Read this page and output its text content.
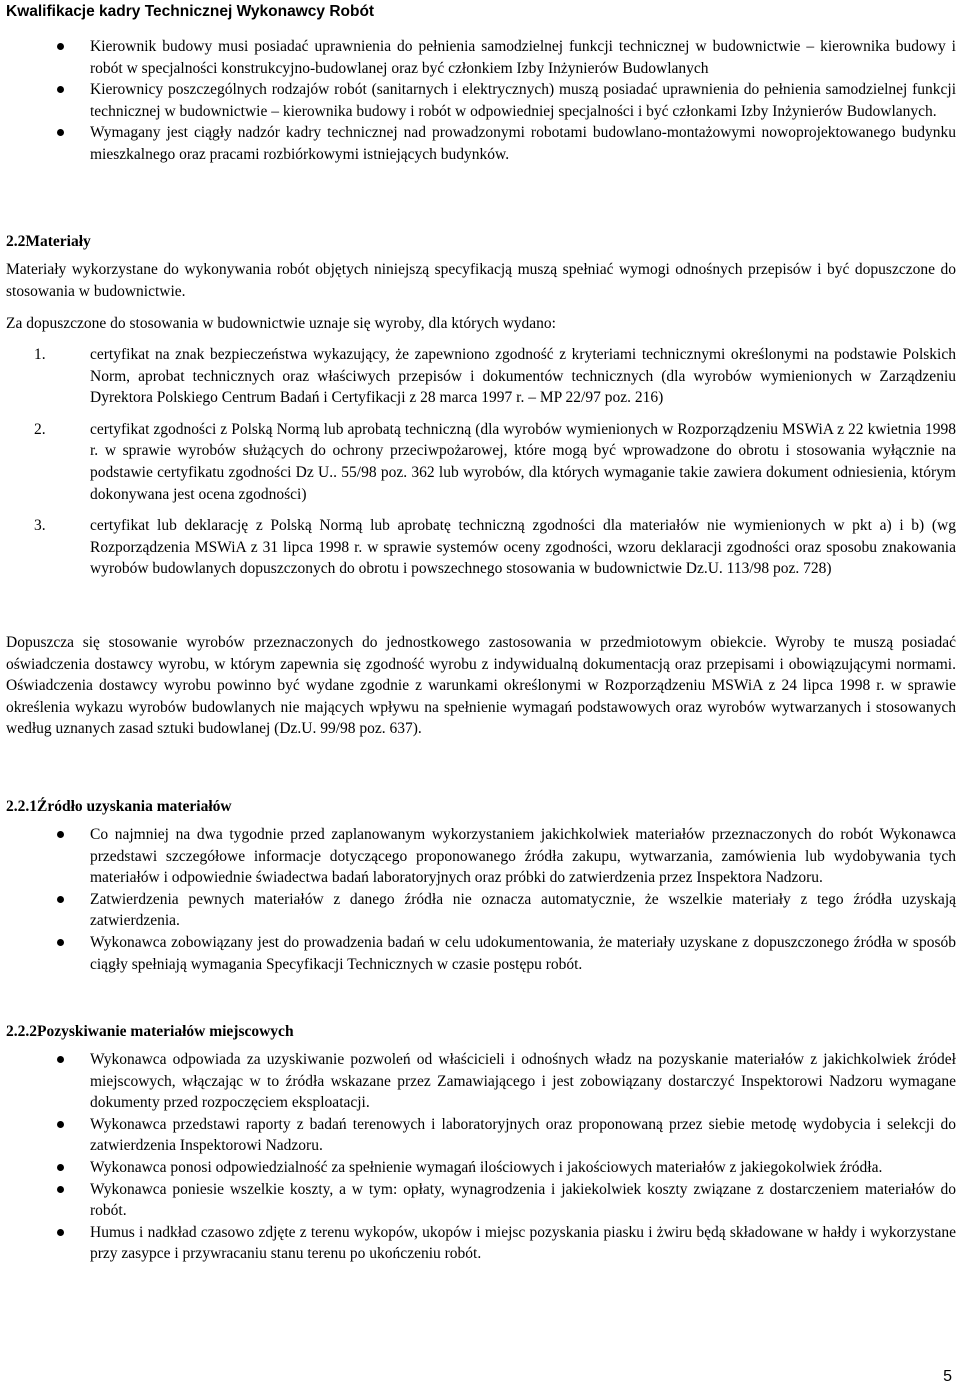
Kwalifikacje kadry Technicznej Wykonawcy Robót
Kierownik budowy musi posiadać uprawnienia do pełnienia samodzielnej funkcji technicznej w budownictwie – kierownika budowy i robót w specjalności konstrukcyjno-budowlanej oraz być członkiem Izby Inżynierów Budowlanych
Kierownicy poszczególnych rodzajów robót (sanitarnych i elektrycznych) muszą posiadać uprawnienia do pełnienia samodzielnej funkcji technicznej w budownictwie – kierownika budowy i robót w odpowiedniej specjalności i być członkami Izby Inżynierów Budowlanych.
Wymagany jest ciągły nadzór kadry technicznej nad prowadzonymi robotami budowlano-montażowymi nowoprojektowanego budynku mieszkalnego oraz pracami rozbiórkowymi istniejących budynków.
2.2Materiały

Materiały wykorzystane do wykonywania robót objętych niniejszą specyfikacją muszą spełniać wymogi odnośnych przepisów i być dopuszczone do stosowania w budownictwie.

Za dopuszczone do stosowania w budownictwie uznaje się wyroby, dla których wydano:

1.	certyfikat na znak bezpieczeństwa wykazujący, że zapewniono zgodność z kryteriami technicznymi określonymi na podstawie Polskich Norm, aprobat technicznych oraz właściwych przepisów i dokumentów technicznych (dla wyrobów wymienionych w Zarządzeniu Dyrektora Polskiego Centrum Badań i Certyfikacji z 28 marca 1997 r. – MP 22/97 poz. 216)
2.	certyfikat zgodności z Polską Normą lub aprobatą techniczną (dla wyrobów wymienionych w Rozporządzeniu MSWiA z 22 kwietnia 1998 r. w sprawie wyrobów służących do ochrony przeciwpożarowej, które mogą być wprowadzone do obrotu i stosowania wyłącznie na podstawie certyfikatu zgodności Dz U.. 55/98 poz. 362 lub wyrobów, dla których wymaganie takie zawiera dokument odniesienia, którym dokonywana jest ocena zgodności)
3.	certyfikat lub deklarację z Polską Normą lub aprobatę techniczną zgodności dla materiałów nie wymienionych w pkt a) i b) (wg Rozporządzenia MSWiA z 31 lipca 1998 r. w sprawie systemów oceny zgodności, wzoru deklaracji zgodności oraz sposobu znakowania wyrobów budowlanych dopuszczonych do obrotu i powszechnego stosowania w budownictwie Dz.U. 113/98 poz. 728)

Dopuszcza się stosowanie wyrobów przeznaczonych do jednostkowego zastosowania w przedmiotowym obiekcie. Wyroby te muszą posiadać oświadczenia dostawcy wyrobu, w którym zapewnia się zgodność wyrobu z indywidualną dokumentacją oraz przepisami i obowiązującymi normami. Oświadczenia dostawcy wyrobu powinno być wydane zgodnie z warunkami określonymi w Rozporządzeniu MSWiA z 24 lipca 1998 r. w sprawie określenia wykazu wyrobów budowlanych nie mających wpływu na spełnienie wymagań podstawowych oraz wyrobów wytwarzanych i stosowanych według uznanych zasad sztuki budowlanej (Dz.U. 99/98 poz. 637).

2.2.1Źródło uzyskania materiałów
Co najmniej na dwa tygodnie przed zaplanowanym wykorzystaniem jakichkolwiek materiałów przeznaczonych do robót Wykonawca przedstawi szczegółowe informacje dotyczącego proponowanego źródła zakupu, wytwarzania, zamówienia lub wydobywania tych materiałów i odpowiednie świadectwa badań laboratoryjnych oraz próbki do zatwierdzenia przez Inspektora Nadzoru.
Zatwierdzenia pewnych materiałów z danego źródła nie oznacza automatycznie, że wszelkie materiały z tego źródła uzyskają zatwierdzenia.
Wykonawca zobowiązany jest do prowadzenia badań w celu udokumentowania, że materiały uzyskane z dopuszczonego źródła w sposób ciągły spełniają wymagania Specyfikacji Technicznych w czasie postępu robót.
2.2.2Pozyskiwanie materiałów miejscowych
Wykonawca odpowiada za uzyskiwanie pozwoleń od właścicieli i odnośnych władz na pozyskanie materiałów z jakichkolwiek źródeł miejscowych, włączając w to źródła wskazane przez Zamawiającego i jest zobowiązany dostarczyć Inspektorowi Nadzoru wymagane dokumenty przed rozpoczęciem eksploatacji.
Wykonawca przedstawi raporty z badań terenowych i laboratoryjnych oraz proponowaną przez siebie metodę wydobycia i selekcji do zatwierdzenia Inspektorowi Nadzoru.
Wykonawca ponosi odpowiedzialność za spełnienie wymagań ilościowych i jakościowych materiałów z jakiegokolwiek źródła.
Wykonawca poniesie wszelkie koszty, a w tym: opłaty, wynagrodzenia i jakiekolwiek koszty związane z dostarczeniem materiałów do robót.
Humus i nadkład czasowo zdjęte z terenu wykopów, ukopów i miejsc pozyskania piasku i żwiru będą składowane w hałdy i wykorzystane przy zasypce i przywracaniu stanu terenu po ukończeniu robót.
5
